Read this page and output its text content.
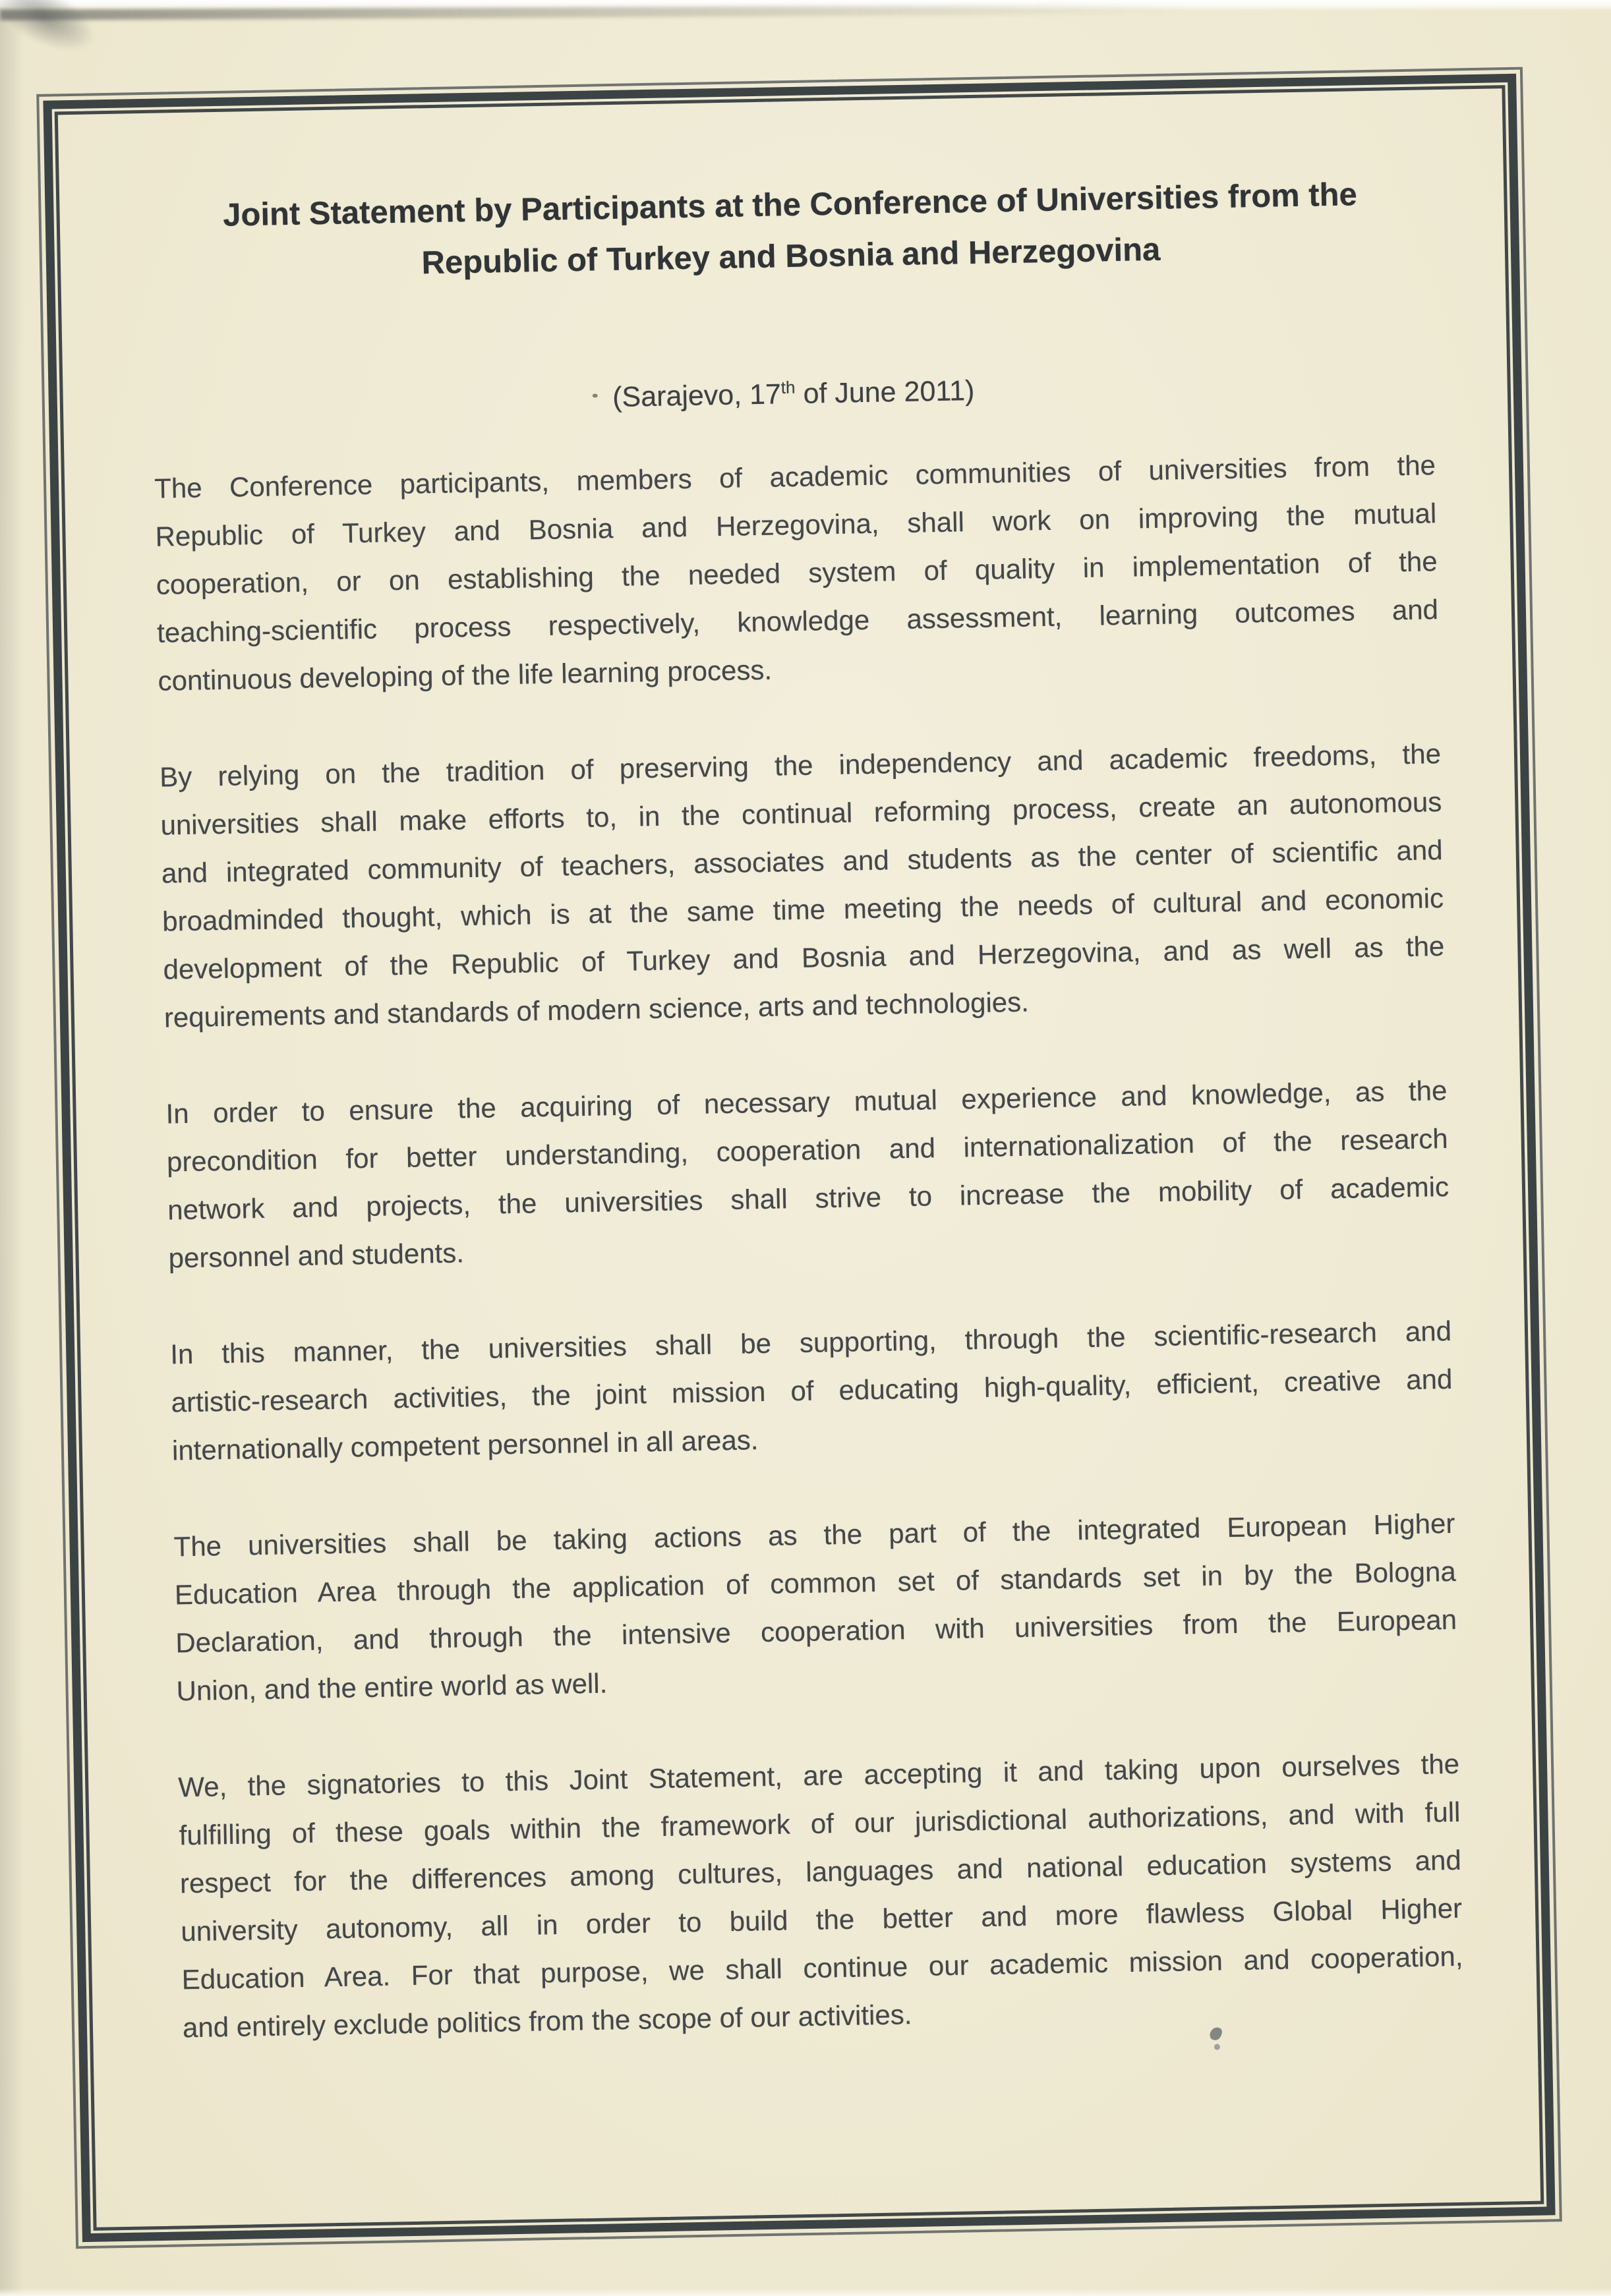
Joint Statement by Participants at the Conference of Universities from the
Republic of Turkey and Bosnia and Herzegovina
(Sarajevo, 17th of June 2011)
The Conference participants, members of academic communities of universities from the
Republic of Turkey and Bosnia and Herzegovina, shall work on improving the mutual
cooperation, or on establishing the needed system of quality in implementation of the
teaching-scientific process respectively, knowledge assessment, learning outcomes and
continuous developing of the life learning process.
By relying on the tradition of preserving the independency and academic freedoms, the
universities shall make efforts to, in the continual reforming process, create an autonomous
and integrated community of teachers, associates and students as the center of scientific and
broadminded thought, which is at the same time meeting the needs of cultural and economic
development of the Republic of Turkey and Bosnia and Herzegovina, and as well as the
requirements and standards of modern science, arts and technologies.
In order to ensure the acquiring of necessary mutual experience and knowledge, as the
precondition for better understanding, cooperation and internationalization of the research
network and projects, the universities shall strive to increase the mobility of academic
personnel and students.
In this manner, the universities shall be supporting, through the scientific-research and
artistic-research activities, the joint mission of educating high-quality, efficient, creative and
internationally competent personnel in all areas.
The universities shall be taking actions as the part of the integrated European Higher
Education Area through the application of common set of standards set in by the Bologna
Declaration, and through the intensive cooperation with universities from the European
Union, and the entire world as well.
We, the signatories to this Joint Statement, are accepting it and taking upon ourselves the
fulfilling of these goals within the framework of our jurisdictional authorizations, and with full
respect for the differences among cultures, languages and national education systems and
university autonomy, all in order to build the better and more flawless Global Higher
Education Area. For that purpose, we shall continue our academic mission and cooperation,
and entirely exclude politics from the scope of our activities.
